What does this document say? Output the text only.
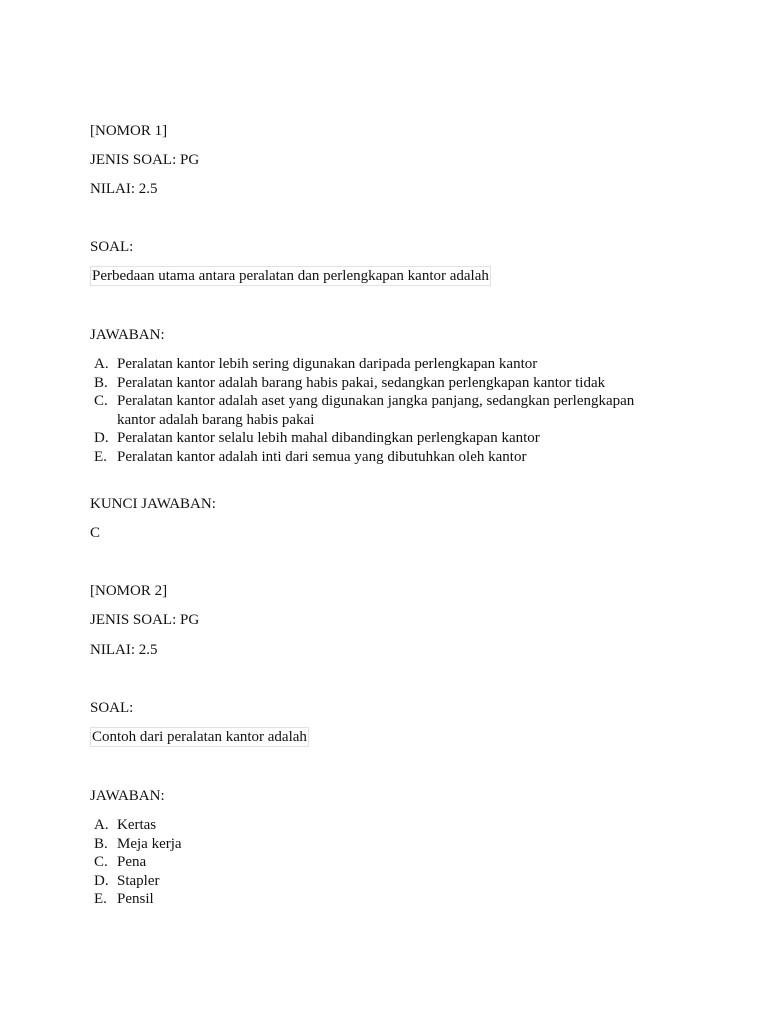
[NOMOR 1]
JENIS SOAL: PG
NILAI: 2.5
SOAL:
Perbedaan utama antara peralatan dan perlengkapan kantor adalah
JAWABAN:
A. Peralatan kantor lebih sering digunakan daripada perlengkapan kantor
B. Peralatan kantor adalah barang habis pakai, sedangkan perlengkapan kantor tidak
C. Peralatan kantor adalah aset yang digunakan jangka panjang, sedangkan perlengkapan kantor adalah barang habis pakai
D. Peralatan kantor selalu lebih mahal dibandingkan perlengkapan kantor
E. Peralatan kantor adalah inti dari semua yang dibutuhkan oleh kantor
KUNCI JAWABAN:
C
[NOMOR 2]
JENIS SOAL: PG
NILAI: 2.5
SOAL:
Contoh dari peralatan kantor adalah
JAWABAN:
A. Kertas
B. Meja kerja
C. Pena
D. Stapler
E. Pensil
